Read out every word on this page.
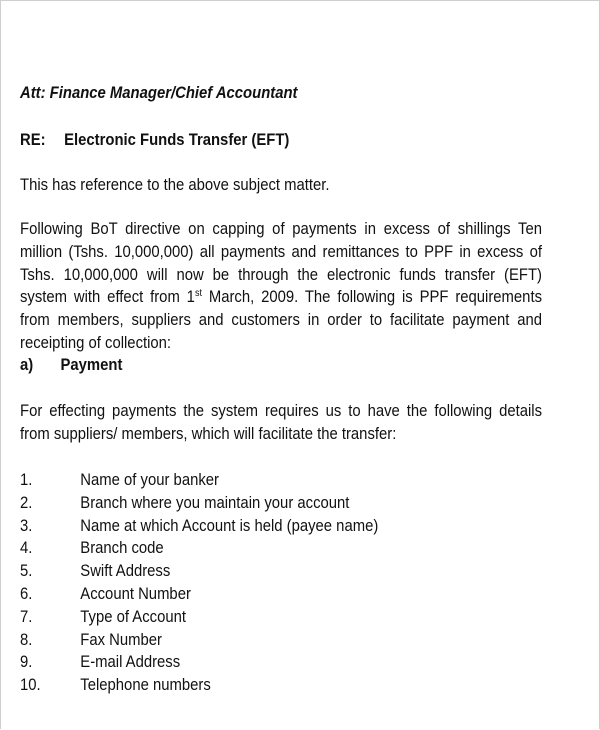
Att: Finance Manager/Chief Accountant
RE: Electronic Funds Transfer (EFT)
This has reference to the above subject matter.
Following BoT directive on capping of payments in excess of shillings Ten million (Tshs. 10,000,000) all payments and remittances to PPF in excess of Tshs. 10,000,000 will now be through the electronic funds transfer (EFT) system with effect from 1st March, 2009. The following is PPF requirements from members, suppliers and customers in order to facilitate payment and receipting of collection:
a) Payment
For effecting payments the system requires us to have the following details from suppliers/ members, which will facilitate the transfer:
1.	Name of your banker
2.	Branch where you maintain your account
3.	Name at which Account is held (payee name)
4.	Branch code
5.	Swift Address
6.	Account Number
7.	Type of Account
8.	Fax Number
9.	E-mail Address
10. Telephone numbers
